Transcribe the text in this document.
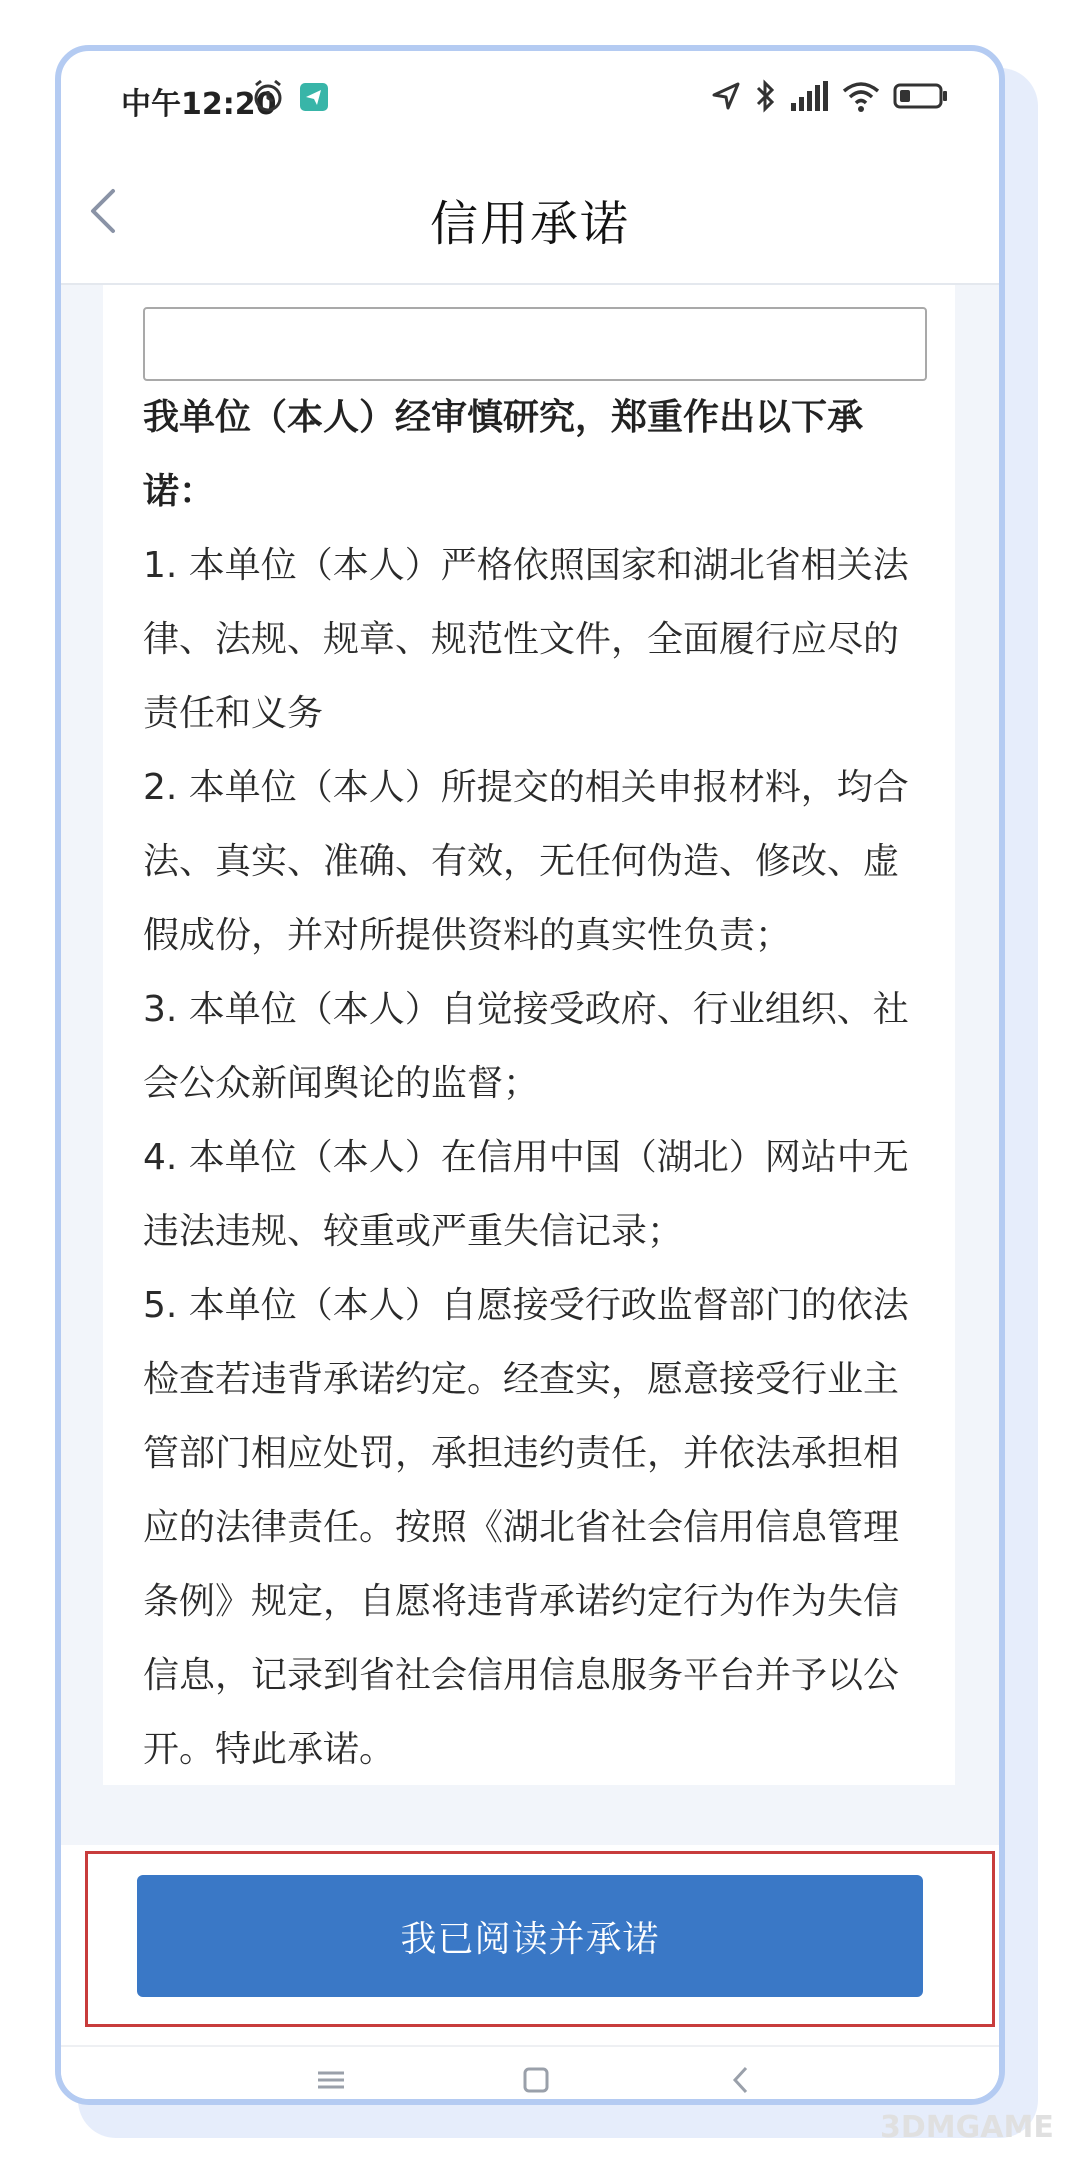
中午12:20
信用承诺

我单位（本人）经审慎研究，郑重作出以下承诺：

1. 本单位（本人）严格依照国家和湖北省相关法律、法规、规章、规范性文件，全面履行应尽的责任和义务

2. 本单位（本人）所提交的相关申报材料，均合法、真实、准确、有效，无任何伪造、修改、虚假成份，并对所提供资料的真实性负责；

3. 本单位（本人）自觉接受政府、行业组织、社会公众新闻舆论的监督；

4. 本单位（本人）在信用中国（湖北）网站中无违法违规、较重或严重失信记录；

5. 本单位（本人）自愿接受行政监督部门的依法检查若违背承诺约定。经查实，愿意接受行业主管部门相应处罚，承担违约责任，并依法承担相应的法律责任。按照《湖北省社会信用信息管理条例》规定，自愿将违背承诺约定行为作为失信信息，记录到省社会信用信息服务平台并予以公开。特此承诺。

我已阅读并承诺
3DMGAME
